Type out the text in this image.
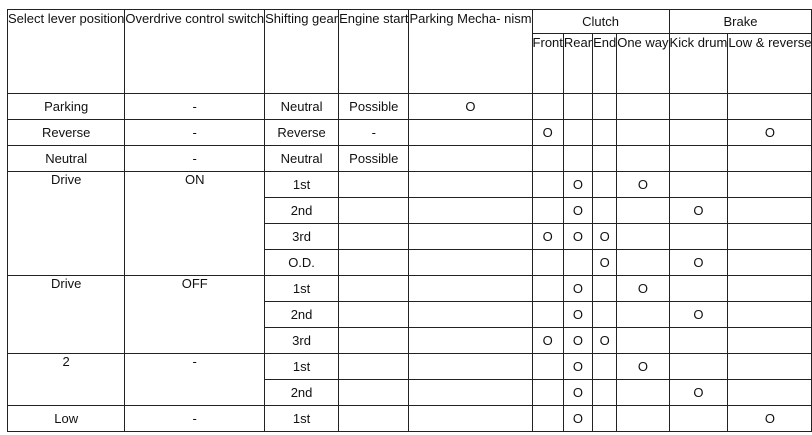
Select lever position	Overdrive control switch	Shifting gear	Engine start	Parking Mecha- nism	Clutch				Brake	
					Front	Rear	End	One way	Kick drum	Low & reverse
Parking	-	Neutral	Possible	O						
Reverse	-	Reverse	-		O					O
Neutral	-	Neutral	Possible							
Drive	ON	1st				O		O		
		2nd				O			O	
		3rd			O	O	O			
		O.D.					O		O	
Drive	OFF	1st				O		O		
		2nd				O			O	
		3rd			O	O	O			
2	-	1st				O		O		
		2nd				O			O	
Low	-	1st				O				O
